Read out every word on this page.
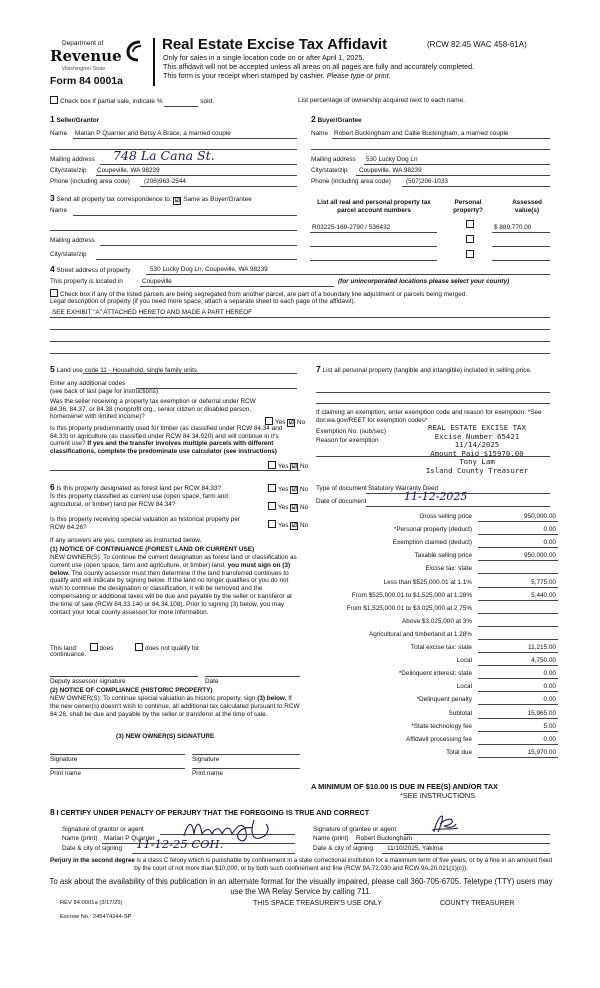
Department of
Revenue
Washington State
Form 84 0001a
Real Estate Excise Tax Affidavit	(RCW 82.45 WAC 458-61A)
Only for sales in a single location code on or after April 1, 2025.
This affidavit will not be accepted unless all areas on all pages are fully and accurately completed.
This form is your receipt when stamped by cashier. Please type or print.
Check box if partial sale, indicate %	sold.	List percentage of ownership acquired next to each name.
1 Seller/Grantor
Name Marian P Quarrier and Betsy A Brace, a married couple
Mailing address 748 La Cana St.
City/state/zip Coupeville, WA 98239
Phone (including area code) (206)963-2544
2 Buyer/Grantee
Name Robert Buckingham and Callie Buckingham, a married couple
Mailing address 530 Lucky Dog Ln
City/state/zip Coupeville, WA 98239
Phone (including area code) (507)206-1033
3 Send all property tax correspondence to: ☑ Same as Buyer/Grantee
Name
Mailing address
City/state/zip
List all real and personal property tax parcel account numbers
Personal property?
Assessed value(s)
R03225-169-2790 / 536432	$ 889,770.00
4 Street address of property	530 Lucky Dog Ln, Coupeville, WA 98239
This property is located in	Coupeville	(for unincorporated locations please select your county)
Check box if any of the listed parcels are being segregated from another parcel, are part of a boundary line adjustment or parcels being merged.
Legal description of property (if you need more space, attach a separate sheet to each page of the affidavit).
SEE EXHIBIT "A" ATTACHED HERETO AND MADE A PART HEREOF
5 Land use code 11 - Household, single family units
Enter any additional codes
(see back of last page for instructions)
Was the seller receiving a property tax exemption or deferral under RCW 84.36, 84.37, or 84.38 (nonprofit org., senior citizen or disabled person, homeowner with limited income)?
Yes ☑ No
Is this property predominantly used for timber (as classified under RCW 84.34 and 84.33) or agriculture (as classified under RCW 84.34.020) and will continue in it's current use? If yes and the transfer involves multiple parcels with different classifications, complete the predominate use calculator (see instructions)
Yes ☑ No
6 Is this property designated as forest land per RCW 84.33?	Yes ☑ No
Is this property classified as current use (open space, farm and agricultural, or timber) land per RCW 84.34?	Yes ☑ No
Is this property receiving special valuation as historical property per RCW 84.26?	Yes ☑ No
If any answers are yes, complete as instructed below.
(1) NOTICE OF CONTINUANCE (FOREST LAND OR CURRENT USE)
NEW OWNER(S): To continue the current designation as forest land or classification as current use (open space, farm and agriculture, or timber) land, you must sign on (3) below. The county assessor must then determine if the land transferred continues to qualify and will indicate by signing below. If the land no longer qualifies or you do not wish to continue the designation or classification, it will be removed and the compensating or additional taxes will be due and payable by the seller or transferor at the time of sale (RCW 84.33.140 or 84.34.108). Prior to signing (3) below, you may contact your local county assessor for more information.
This land:	does	does not qualify for
continuance.
Deputy assessor signature	Date
(2) NOTICE OF COMPLIANCE (HISTORIC PROPERTY)
NEW OWNER(S): To continue special valuation as historic property, sign (3) below. If the new owner(s) doesn't wish to continue, all additional tax calculated pursuant to RCW 84.26, shall be due and payable by the seller or transferor at the time of sale.
(3) NEW OWNER(S) SIGNATURE
Signature	Signature
Print name	Print name
7 List all personal property (tangible and intangible) included in selling price.
If claiming an exemption, enter exemption code and reason for exemption. *See dor.wa.gov/REET for exemption codes*
Exemption No. (sub/sec)
Reason for exemption
REAL ESTATE EXCISE TAX
Excise Number 65421
11/14/2025
Amount Paid $15970.00
Tony Lam
Island County Treasurer
Type of document Statutory Warranty Deed
Date of document	11-12-2025
Gross selling price	950,000.00
*Personal property (deduct)	0.00
Exemption claimed (deduct)	0.00
Taxable selling price	950,000.00
Excise tax: state
Less than $525,000.01 at 1.1%	5,775.00
From $525,000.01 to $1,525,000 at 1.28%	5,440.00
From $1,525,000.01 to $3,025,000 at 2.75%
Above $3,025,000 at 3%
Agricultural and timberland at 1.28%
Total excise tax: state	11,215.00
Local	4,750.00
*Delinquent interest: state	0.00
Local	0.00
*Delinquent penalty	0.00
Subtotal	15,965.00
*State technology fee	5.00
Affidavit processing fee	0.00
Total due	15,970.00
A MINIMUM OF $10.00 IS DUE IN FEE(S) AND/OR TAX
*SEE INSTRUCTIONS
8 I CERTIFY UNDER PENALTY OF PERJURY THAT THE FOREGOING IS TRUE AND CORRECT
Signature of grantor or agent
Name (print) Marian P Quarrier
Date & city of signing 11-12-25 COH.
Signature of grantee or agent
Name (print) Robert Buckingham
Date & city of signing 11/10/2025, Yakima
Perjury in the second degree is a class C felony which is punishable by confinement in a state correctional institution for a maximum term of five years, or by a fine in an amount fixed by the court of not more than $10,000, or by both such confinement and fine (RCW 9A.72.030 and RCW 9A.20.021(1)(c)).
To ask about the availability of this publication in an alternate format for the visually impaired, please call 360-705-6705. Teletype (TTY) users may use the WA Relay Service by calling 711.
REV 84 0001a (3/17/25)	THIS SPACE TREASURER'S USE ONLY	COUNTY TREASURER
Escrow No.: 245474244-SP
